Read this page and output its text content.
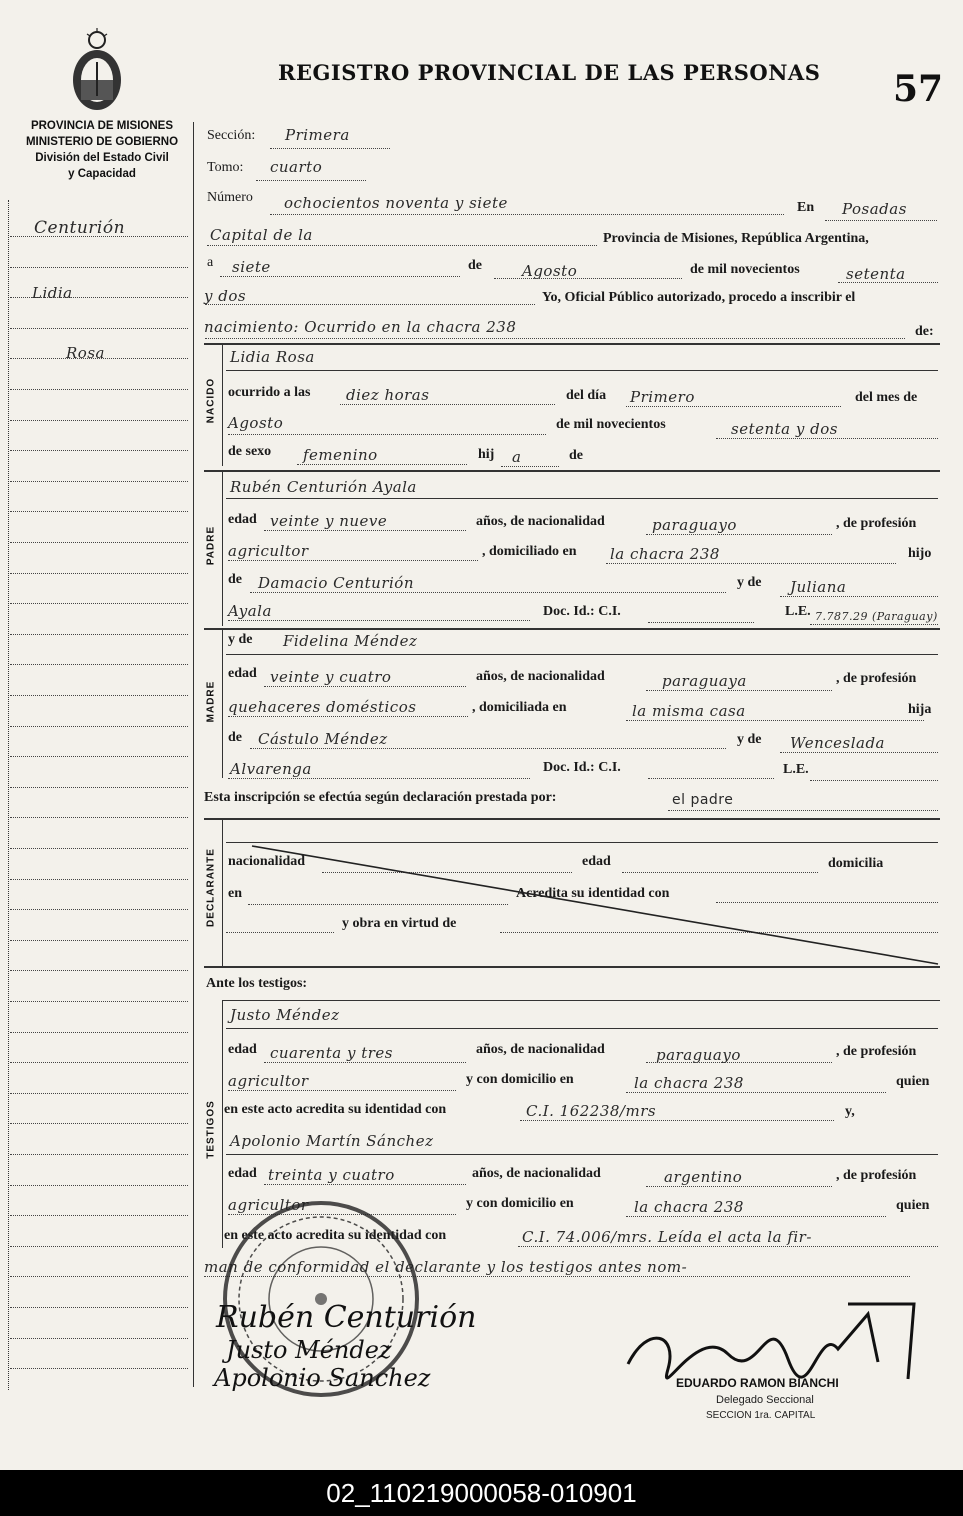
PROVINCIA DE MISIONES
MINISTERIO DE GOBIERNO
División del Estado Civil
y Capacidad
REGISTRO PROVINCIAL DE LAS PERSONAS 57
Centurión
Lidia
Rosa
Sección: Primera
Tomo: cuarto
Número ochocientos noventa y siete	En Posadas
Capital de la	Provincia de Misiones, República Argentina,
a siete	de	Agosto	de mil novecientos	setenta
y dos	Yo, Oficial Público autorizado, procedo a inscribir el
nacimiento: Ocurrido en la chacra 238	de:
NACIDO
Lidia Rosa
ocurrido a las diez horas	del día Primero	del mes de
Agosto	de mil novecientos	setenta y dos
de sexo femenino	hij a	de
PADRE
Rubén Centurión Ayala
edad veinte y nueve	años, de nacionalidad	paraguayo	, de profesión
agricultor	, domiciliado en la chacra 238	hijo
de Damacio Centurión	y de Juliana
Ayala	Doc. Id.: C.I.	L.E. 7.787.29 (Paraguay)
MADRE
y de Fidelina Méndez
edad veinte y cuatro	años, de nacionalidad	paraguaya	, de profesión
quehaceres domésticos	, domiciliada en	la misma casa	hija
de Cástulo Méndez	y de Wenceslada
Alvarenga	Doc. Id.: C.I.	L.E.
Esta inscripción se efectúa según declaración prestada por:	el padre
DECLARANTE nacionalidad	edad	domicilia
en	Acredita su identidad con
y obra en virtud de
Ante los testigos:
TESTIGOS
Justo Méndez
edad cuarenta y tres	años, de nacionalidad	paraguayo	, de profesión
agricultor	y con domicilio en	la chacra 238	quien
en este acto acredita su identidad con	C.I. 162238/mrs	y,
Apolonio Martín Sánchez
edad treinta y cuatro	años, de nacionalidad	argentino	, de profesión
agricultor	y con domicilio en	la chacra 238	quien
en este acto acredita su identidad con	C.I. 74.006/mrs. Leída el acta la fir-
man de conformidad el declarante y los testigos antes nom-
Rubén Centurión
Justo Méndez
Apolonio Sanchez	EDUARDO RAMON BIANCHI
Delegado Seccional
SECCION 1ra. CAPITAL
02_110219000058-010901
